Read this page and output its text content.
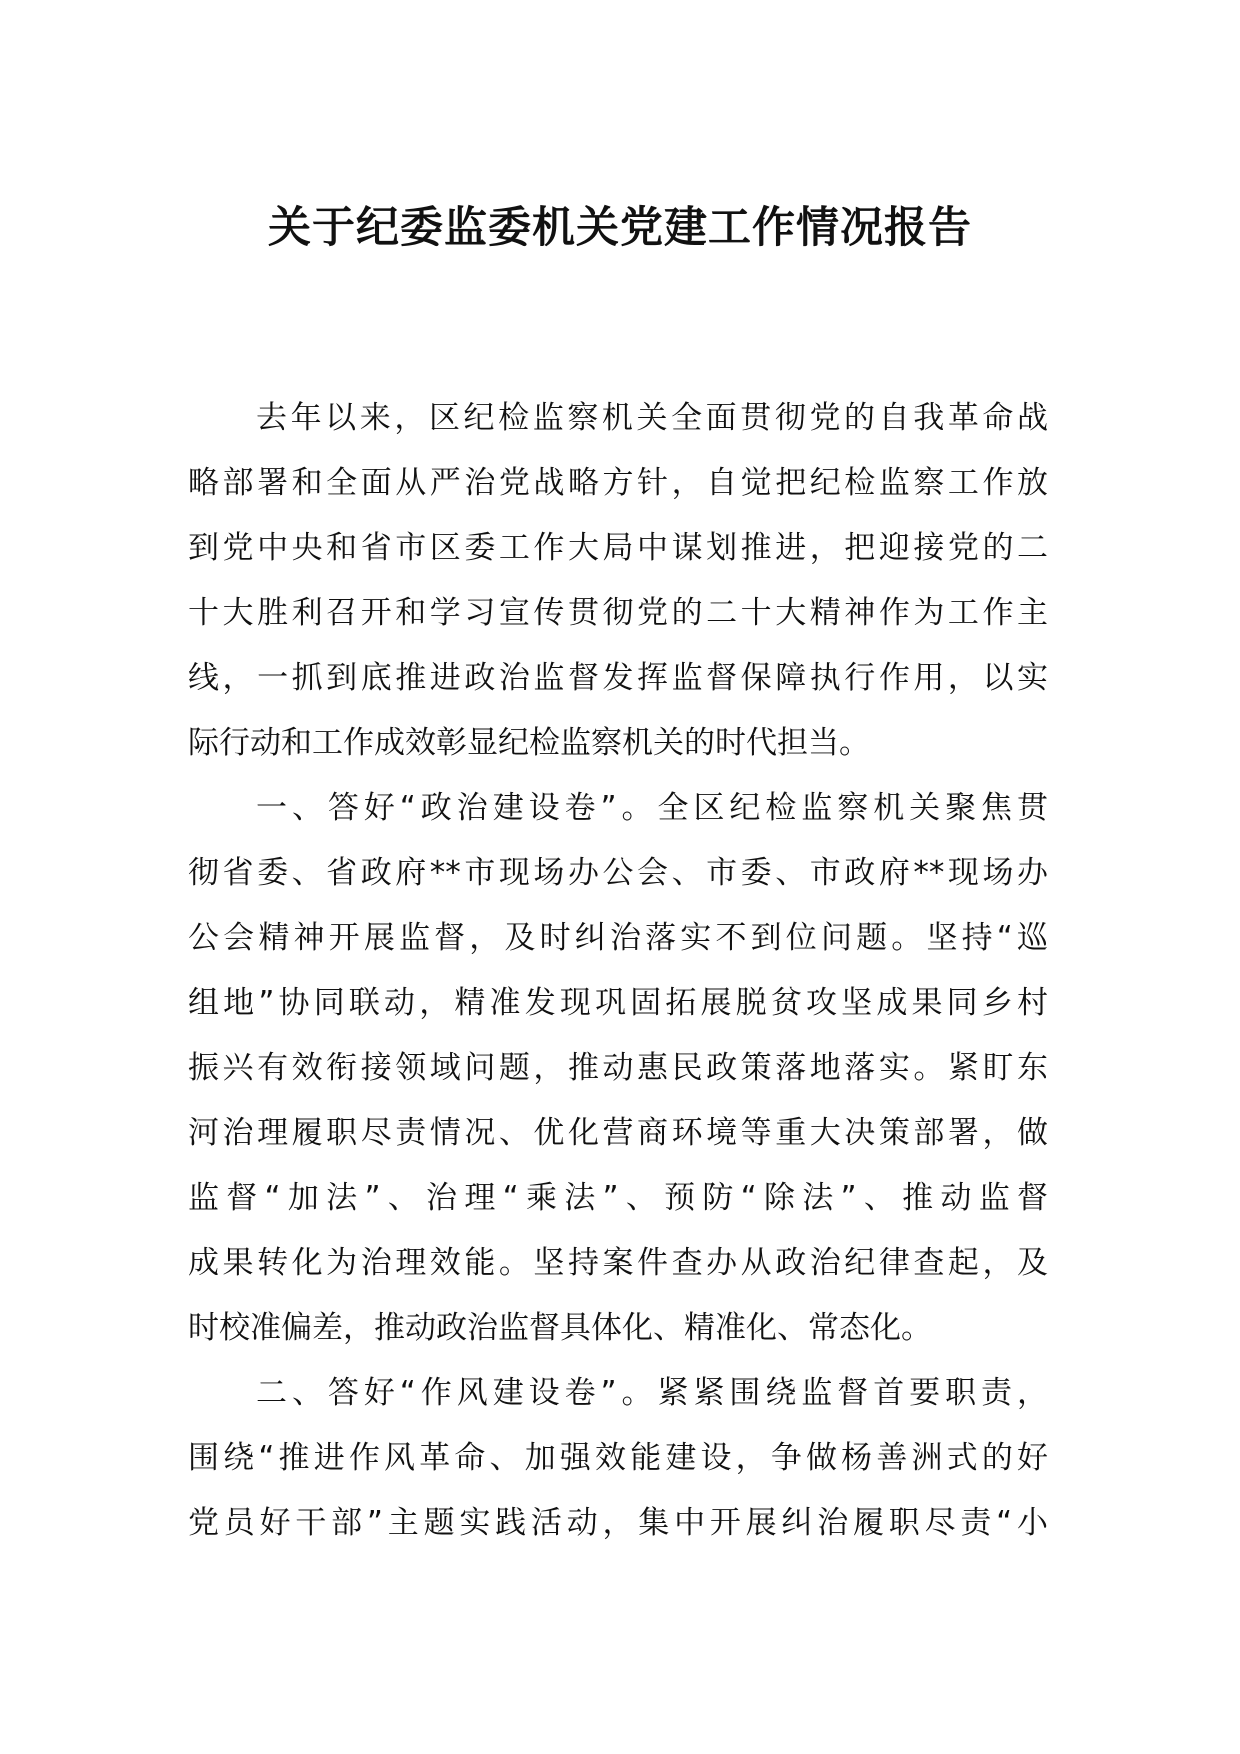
关于纪委监委机关党建工作情况报告
去年以来，区纪检监察机关全面贯彻党的自我革命战
略部署和全面从严治党战略方针，自觉把纪检监察工作放
到党中央和省市区委工作大局中谋划推进，把迎接党的二
十大胜利召开和学习宣传贯彻党的二十大精神作为工作主
线，一抓到底推进政治监督发挥监督保障执行作用，以实
际行动和工作成效彰显纪检监察机关的时代担当。
一、答好“政治建设卷”。全区纪检监察机关聚焦贯
彻省委、省政府**市现场办公会、市委、市政府**现场办
公会精神开展监督，及时纠治落实不到位问题。坚持“巡
组地”协同联动，精准发现巩固拓展脱贫攻坚成果同乡村
振兴有效衔接领域问题，推动惠民政策落地落实。紧盯东
河治理履职尽责情况、优化营商环境等重大决策部署，做
监督“加法”、治理“乘法”、预防“除法”、推动监督
成果转化为治理效能。坚持案件查办从政治纪律查起，及
时校准偏差，推动政治监督具体化、精准化、常态化。
二、答好“作风建设卷”。紧紧围绕监督首要职责，
围绕“推进作风革命、加强效能建设，争做杨善洲式的好
党员好干部”主题实践活动，集中开展纠治履职尽责“小
